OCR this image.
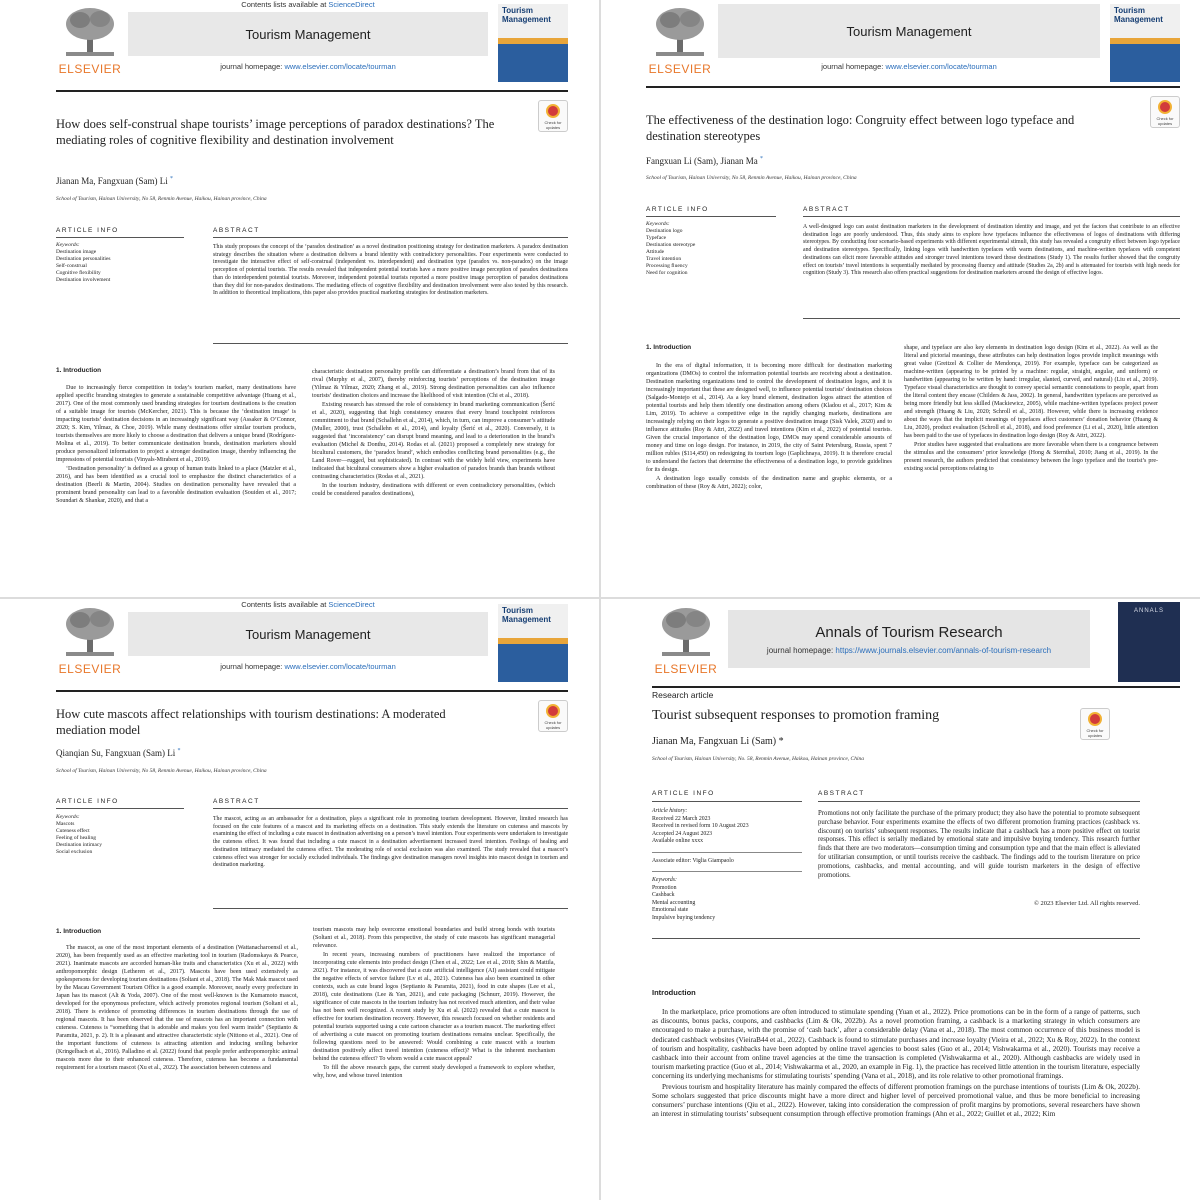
ELSEVIER
Contents lists available at ScienceDirect
Tourism Management
journal homepage: www.elsevier.com/locate/tourman
Tourism Management
Check for updates
How does self-construal shape tourists’ image perceptions of paradox destinations? The mediating roles of cognitive flexibility and destination involvement
Jianan Ma, Fangxuan (Sam) Li *
School of Tourism, Hainan University, No 58, Renmin Avenue, Haikou, Hainan province, China
ARTICLE INFO	ABSTRACT
Keywords:
Destination image
Destination personalities
Self-construal
Cognitive flexibility
Destination involvement
This study proposes the concept of the ‘paradox destination’ as a novel destination positioning strategy for destination marketers. A paradox destination strategy describes the situation where a destination delivers a brand identity with contradictory personalities. Four experiments were conducted to investigate the interactive effect of self-construal (independent vs. interdependent) and destination type (paradox vs. non-paradox) on the image perception of potential tourists. The results revealed that independent potential tourists have a more positive image perception of paradox destinations than do interdependent potential tourists. Moreover, independent potential tourists reported a more positive image perception of paradox destinations than they did for non-paradox destinations. The mediating effects of cognitive flexibility and destination involvement were also tested by this research. In addition to theoretical implications, this paper also provides practical marketing strategies for destination marketers.
1. Introduction

Due to increasingly fierce competition in today’s tourism market, many destinations have applied specific branding strategies to generate a sustainable competitive advantage (Huang et al., 2017). One of the most commonly used branding strategies for tourism destinations is the creation of a suitable image for tourists (McKercher, 2021). This is because the ‘destination image’ is impacting tourists’ destination decisions in an increasingly significant way (Assaker & O’Connor, 2020; S. Kim, Yilmaz, & Choe, 2019). While many destinations offer similar tourism products, tourists themselves are more likely to choose a destination that delivers a unique brand (Rodríguez-Molina et al., 2019). To better communicate destination brands, destination marketers should produce personalized information to project a stronger destination image, thereby influencing the impressions of potential tourists (Vinyals-Mirabent et al., 2019).

‘Destination personality’ is defined as a group of human traits linked to a place (Matzler et al., 2016), and has been identified as a crucial tool to emphasize the distinct characteristics of a destination (Beerli & Martin, 2004). Studies on destination personality have revealed that a prominent brand personality can lead to a favorable destination evaluation (Souiden et al., 2017; Soundari & Shankar, 2020), and that a

characteristic destination personality profile can differentiate a destination’s brand from that of its rival (Murphy et al., 2007), thereby reinforcing tourists’ perceptions of the destination image (Yilmaz & Yilmaz, 2020; Zhang et al., 2019). Strong destination personalities can also influence tourists’ destination choices and increase the likelihood of visit intention (Chi et al., 2018).

Existing research has stressed the role of consistency in brand marketing communication (Šerić et al., 2020), suggesting that high consistency ensures that every brand touchpoint reinforces commitment to that brand (Schallehn et al., 2014), which, in turn, can improve a consumer’s attitude (Muller, 2000), trust (Schallehn et al., 2014), and loyalty (Šerić et al., 2020). Conversely, it is suggested that ‘inconsistency’ can disrupt brand meaning, and lead to a deterioration in the brand’s evaluation (Michel & Donthu, 2014). Rodas et al. (2021) proposed a completely new strategy for bicultural customers, the ‘paradox brand’, which embodies conflicting brand personalities (e.g., the Land Rover—rugged, but sophisticated). In contrast with the widely held view, experiments have indicated that bicultural consumers show a higher evaluation of paradox brands than brands without contrasting characteristics (Rodas et al., 2021).

In the tourism industry, destinations with different or even contradictory personalities, (which could be considered paradox destinations),

ELSEVIER
Tourism Management
journal homepage: www.elsevier.com/locate/tourman
Tourism Management
Check for updates
The effectiveness of the destination logo: Congruity effect between logo typeface and destination stereotypes
Fangxuan Li (Sam), Jianan Ma *
School of Tourism, Hainan University, No 58, Renmin Avenue, Haikou, Hainan province, China
ARTICLE INFO	ABSTRACT
Keywords:
Destination logo
Typeface
Destination stereotype
Attitude
Travel intention
Processing fluency
Need for cognition
A well-designed logo can assist destination marketers in the development of destination identity and image, and yet the factors that contribute to an effective destination logo are poorly understood. Thus, this study aims to explore how typefaces influence the effectiveness of logos of destinations with differing stereotypes. By conducting four scenario-based experiments with different experimental stimuli, this study has revealed a congruity effect between logo typeface and destination stereotypes. Specifically, linking logos with handwritten typefaces with warm destinations, and machine-written typefaces with competent destinations can elicit more favorable attitudes and stronger travel intentions toward those destinations (Study 1). The results further showed that the congruity effect on tourists’ travel intentions is sequentially mediated by processing fluency and attitude (Studies 2a, 2b) and is attenuated for tourists with high needs for cognition (Study 3). This research also offers practical suggestions for destination marketers around the design of effective logos.
1. Introduction

In the era of digital information, it is becoming more difficult for destination marketing organizations (DMOs) to control the information potential tourists are receiving about a destination. Destination marketing organizations tend to control the development of destination logos, and it is increasingly important that these are designed well, to influence potential tourists’ destination choices (Salgado-Montejo et al., 2014). As a key brand element, destination logos attract the attention of potential tourists and help them identify one destination among others (Kladou et al., 2017; Kim & Lim, 2019). To achieve a competitive edge in the rapidly changing markets, destinations are increasingly relying on their logos to generate a positive destination image (Sisk Valek, 2020) and to influence attitudes (Roy & Attri, 2022) and travel intentions (Kim et al., 2022) of potential tourists. Given the crucial importance of the destination logo, DMOs may spend considerable amounts of money and time on logo design. For instance, in 2019, the city of Saint Petersburg, Russia, spent 7 million rubles ($114,450) on redesigning its tourism logo (Gaplichnaya, 2019). It is therefore crucial to understand the factors that determine the effectiveness of a destination logo, to provide guidelines for its design.

A destination logo usually consists of the destination name and graphic elements, or a combination of these (Roy & Attri, 2022); color,

shape, and typeface are also key elements in destination logo design (Kim et al., 2022). As well as the literal and pictorial meanings, these attributes can help destination logos provide implicit meanings with great value (Greitzel & Collier de Mendonça, 2019). For example, typeface can be categorized as machine-written (appearing to be printed by a machine: regular, straight, angular, and uniform) or handwritten (appearing to be written by hand: irregular, slanted, curved, and natural) (Liu et al., 2019). Typeface visual characteristics are thought to convey special semantic connotations to people, apart from the literal content they encase (Childers & Jass, 2002). In general, handwritten typefaces are perceived as being more friendly but less skilled (Mackiewicz, 2005), while machine-written typefaces project power and strength (Huang & Liu, 2020; Schroll et al., 2018). However, while there is increasing evidence about the ways that the implicit meanings of typefaces affect customers’ donation behavior (Huang & Liu, 2020), product evaluation (Schroll et al., 2018), and food preference (Li et al., 2020), little attention has been paid to the use of typefaces in destination logo design (Roy & Attri, 2022).

Prior studies have suggested that evaluations are more favorable when there is a congruence between the stimulus and the consumers’ prior knowledge (Hong & Sternthal, 2010; Jiang et al., 2019). In the present research, the authors predicted that consistency between the logo typeface and the tourist’s pre-existing social perceptions relating to

ELSEVIER
Contents lists available at ScienceDirect
Tourism Management
journal homepage: www.elsevier.com/locate/tourman
Tourism Management
Check for updates
How cute mascots affect relationships with tourism destinations: A moderated mediation model
Qianqian Su, Fangxuan (Sam) Li *
School of Tourism, Hainan University, No 58, Renmin Avenue, Haikou, Hainan province, China
ARTICLE INFO	ABSTRACT
Keywords:
Mascots
Cuteness effect
Feeling of healing
Destination intimacy
Social exclusion
The mascot, acting as an ambassador for a destination, plays a significant role in promoting tourism development. However, limited research has focused on the cute features of a mascot and its marketing effects on a destination. This study extends the literature on cuteness and mascots by examining the effect of including a cute mascot in destination advertising on a person’s travel intention. Four experiments were undertaken to investigate the cuteness effect. It was found that including a cute mascot in a destination advertisement increased travel intention. Feelings of healing and destination intimacy mediated the cuteness effect. The moderating role of social exclusion was also examined. The study revealed that a mascot’s cuteness effect was stronger for socially excluded individuals. The findings give destination managers novel insights into mascot design in tourism and destination marketing.
1. Introduction

The mascot, as one of the most important elements of a destination (Wattanacharoensil et al., 2020), has been frequently used as an effective marketing tool in tourism (Radomskaya & Pearce, 2021). Inanimate mascots are accorded human-like traits and characteristics (Xu et al., 2022) with anthropomorphic design (Letheren et al., 2017). Mascots have been used extensively as spokespersons for developing tourism destinations (Soltani et al., 2018). The Mak Mak mascot used by the Macau Government Tourism Office is a good example. Moreover, nearly every prefecture in Japan has its mascot (Alt & Yoda, 2007). One of the most well-known is the Kumamoto mascot, developed for the eponymous prefecture, which actively promotes regional tourism (Soltani et al., 2018). There is evidence of promoting differences in tourism destinations through the use of regional mascots. It has been observed that the use of mascots has an important connection with cuteness. Cuteness is “something that is adorable and makes you feel warm inside” (Septianto & Paramita, 2021, p. 2). It is a pleasant and attractive characteristic style (Nittono et al., 2021). One of the important functions of cuteness is attracting attention and inducing smiling behavior (Kringelbach et al., 2016). Palladino et al. (2022) found that people prefer anthropomorphic animal mascots more due to their enhanced cuteness. Therefore, cuteness has become a fundamental requirement for a tourism mascot (Xu et al., 2022). The association between cuteness and

tourism mascots may help overcome emotional boundaries and build strong bonds with tourists (Soltani et al., 2018). From this perspective, the study of cute mascots has significant managerial relevance.

In recent years, increasing numbers of practitioners have realized the importance of incorporating cute elements into product design (Chen et al., 2022; Lee et al., 2018; Shin & Mattila, 2021). For instance, it was discovered that a cute artificial intelligence (AI) assistant could mitigate the negative effects of service failure (Lv et al., 2021). Cuteness has also been examined in other contexts, such as cute brand logos (Septianto & Paramita, 2021), food in cute shapes (Lee et al., 2018), cute destinations (Lee & Yan, 2021), and cute packaging (Schnurr, 2019). However, the significance of cute mascots in the tourism industry has not received much attention, and their value has not been well recognized. A recent study by Xu et al. (2022) revealed that a cute mascot is effective for tourism destination recovery. However, this research focused on whether residents and potential tourists supported using a cute cartoon character as a tourism mascot. The marketing effect of advertising a cute mascot on promoting tourism destinations remains unclear. Specifically, the following questions need to be answered: Would combining a cute mascot with a tourism destination positively affect travel intention (cuteness effect)? What is the inherent mechanism behind the cuteness effect? To whom would a cute mascot appeal?

To fill the above research gaps, the current study developed a framework to explore whether, why, how, and whose travel intention

ELSEVIER
Annals of Tourism Research
journal homepage: https://www.journals.elsevier.com/annals-of-tourism-research
ANNALS
Research article
Check for updates
Tourist subsequent responses to promotion framing
Jianan Ma, Fangxuan Li (Sam) *
School of Tourism, Hainan University, No. 58, Renmin Avenue, Haikou, Hainan province, China
ARTICLE INFO	ABSTRACT
Article history:
Received 22 March 2023
Received in revised form 10 August 2023
Accepted 24 August 2023
Available online xxxx
Associate editor: Viglia Giampaolo
Keywords:
Promotion
Cashback
Mental accounting
Emotional state
Impulsive buying tendency
Promotions not only facilitate the purchase of the primary product; they also have the potential to promote subsequent purchase behavior. Four experiments examine the effects of two different promotion framing practices (cashback vs. discount) on tourists’ subsequent responses. The results indicate that a cashback has a more positive effect on tourist responses. This effect is serially mediated by emotional state and impulsive buying tendency. This research further finds that there are two moderators—consumption timing and consumption type and that the main effect is alleviated for utilitarian consumption, or until tourists receive the cashback. The findings add to the tourism literature on price promotions, cashbacks, and mental accounting, and will guide tourism marketers in the design of effective promotions.
© 2023 Elsevier Ltd. All rights reserved.
Introduction

In the marketplace, price promotions are often introduced to stimulate spending (Yuan et al., 2022). Price promotions can be in the form of a range of patterns, such as discounts, bonus packs, coupons, and cashbacks (Lim & Ok, 2022b). As a novel promotion framing, a cashback is a marketing strategy in which consumers are encouraged to make a purchase, with the promise of ‘cash back’, after a considerable delay (Vana et al., 2018). The most common occurrence of this business model is dedicated cashback websites (VieiraB44 et al., 2022). Cashback is found to stimulate purchases and increase loyalty (Vieira et al., 2022; Xu & Roy, 2022). In the context of tourism and hospitality, cashbacks have been adopted by online travel agencies to boost sales (Guo et al., 2014; Vishwakarma et al., 2020). Tourists may receive a cashback into their account from online travel agencies at the time the transaction is completed (Vishwakarma et al., 2020). Although cashbacks are widely used in tourism marketing practice (Guo et al., 2014; Vishwakarma et al., 2020, an example in Fig. 1), the practice has received little attention in the tourism literature, especially concerning its underlying mechanisms for stimulating tourists’ spending (Vana et al., 2018), and its role relative to other promotional framings.

Previous tourism and hospitality literature has mainly compared the effects of different promotion framings on the purchase intentions of tourists (Lim & Ok, 2022b). Some scholars suggested that price discounts might have a more direct and higher level of perceived promotional value, and thus be more beneficial to increasing consumers’ purchase intentions (Qiu et al., 2022). However, taking into consideration the compression of profit margins by promotions, several researchers have shown an interest in stimulating tourists’ subsequent consumption through effective promotion framings (Ahn et al., 2022; Guillet et al., 2022; Kim
